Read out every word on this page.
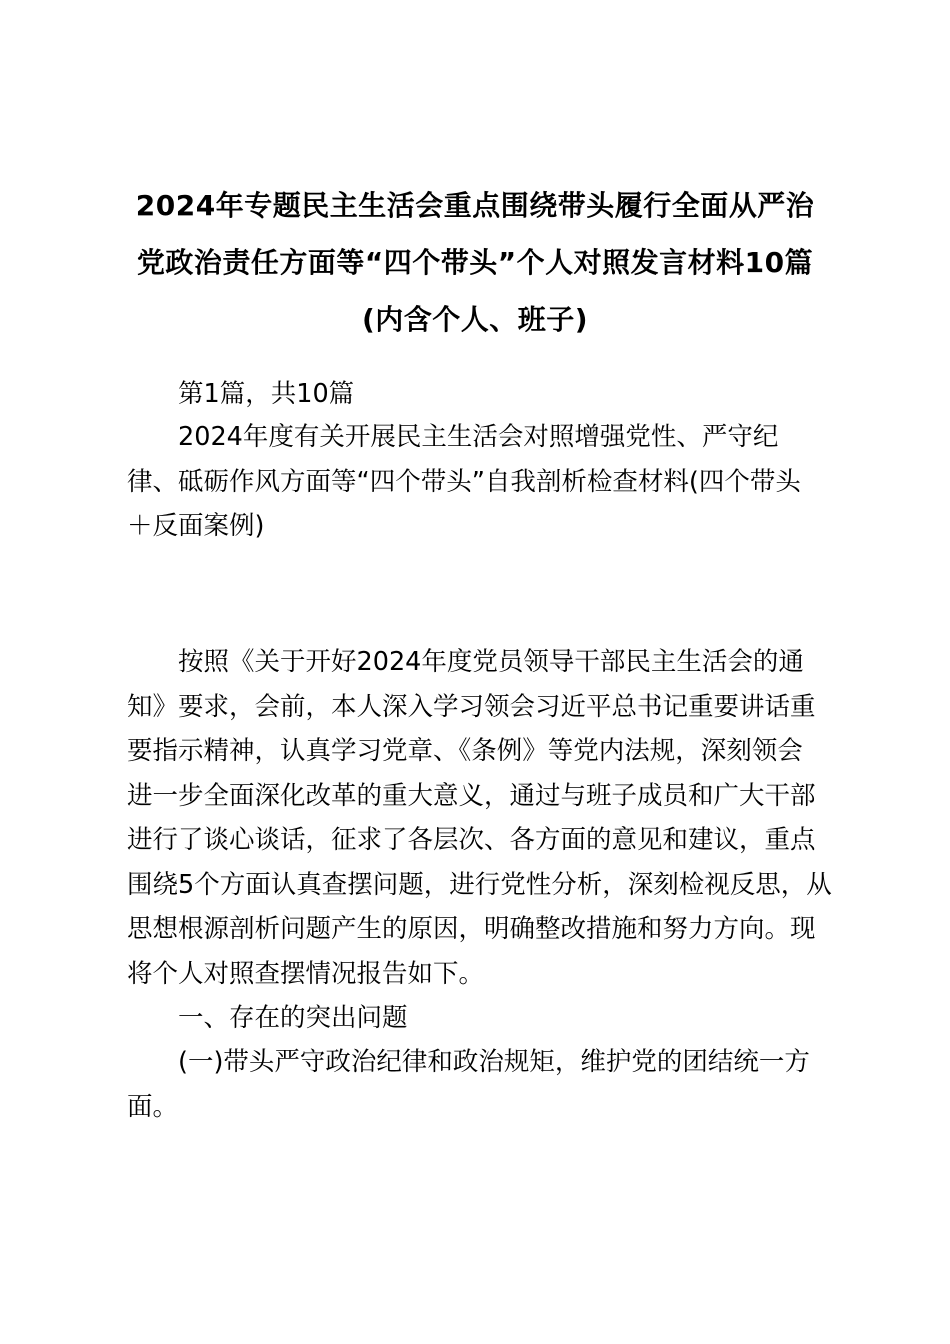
2024年专题民主生活会重点围绕带头履行全面从严治
党政治责任方面等“四个带头”个人对照发言材料10篇
(内含个人、班子)
第1篇，共10篇
2024年度有关开展民主生活会对照增强党性、严守纪
律、砥砺作风方面等“四个带头”自我剖析检查材料(四个带头
＋反面案例)
按照《关于开好2024年度党员领导干部民主生活会的通
知》要求，会前，本人深入学习领会习近平总书记重要讲话重
要指示精神，认真学习党章、《条例》等党内法规，深刻领会
进一步全面深化改革的重大意义，通过与班子成员和广大干部
进行了谈心谈话，征求了各层次、各方面的意见和建议，重点
围绕5个方面认真查摆问题，进行党性分析，深刻检视反思，从
思想根源剖析问题产生的原因，明确整改措施和努力方向。现
将个人对照查摆情况报告如下。
一、存在的突出问题
(一)带头严守政治纪律和政治规矩，维护党的团结统一方
面。
